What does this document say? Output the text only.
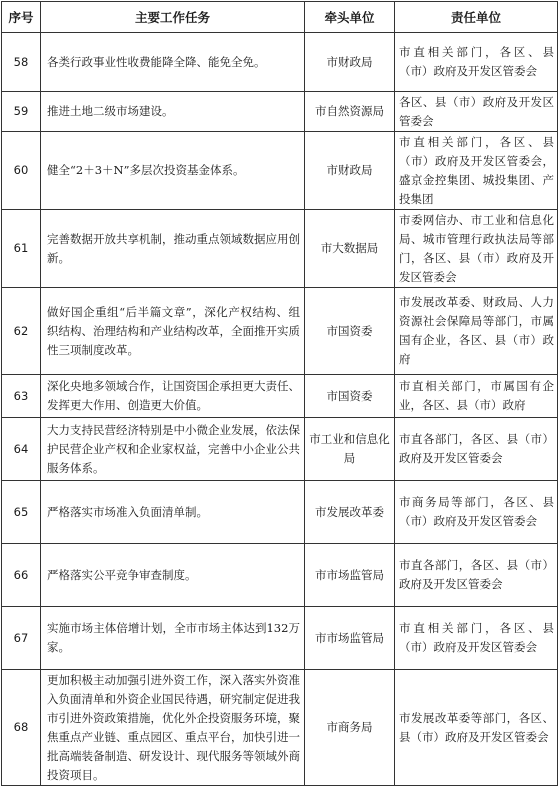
序号	主要工作任务	牵头单位	责任单位
58	各类行政事业性收费能降全降、能免全免。	市财政局	市直相关部门，各区、县（市）政府及开发区管委会
59	推进土地二级市场建设。	市自然资源局	各区、县（市）政府及开发区管委会
60	健全“2＋3＋N”多层次投资基金体系。	市财政局	市直相关部门，各区、县（市）政府及开发区管委会，盛京金控集团、城投集团、产投集团
61	完善数据开放共享机制，推动重点领域数据应用创新。	市大数据局	市委网信办、市工业和信息化局、城市管理行政执法局等部门，各区、县（市）政府及开发区管委会
62	做好国企重组“后半篇文章”，深化产权结构、组织结构、治理结构和产业结构改革，全面推开实质性三项制度改革。	市国资委	市发展改革委、财政局、人力资源社会保障局等部门，市属国有企业，各区、县（市）政府
63	深化央地多领域合作，让国资国企承担更大责任、发挥更大作用、创造更大价值。	市国资委	市直相关部门，市属国有企业，各区、县（市）政府
64	大力支持民营经济特别是中小微企业发展，依法保护民营企业产权和企业家权益，完善中小企业公共服务体系。	市工业和信息化局	市直各部门，各区、县（市）政府及开发区管委会
65	严格落实市场准入负面清单制。	市发展改革委	市商务局等部门，各区、县（市）政府及开发区管委会
66	严格落实公平竞争审查制度。	市市场监管局	市直各部门，各区、县（市）政府及开发区管委会
67	实施市场主体倍增计划，全市市场主体达到132万家。	市市场监管局	市直相关部门，各区、县（市）政府及开发区管委会
68	更加积极主动加强引进外资工作，深入落实外资准入负面清单和外资企业国民待遇，研究制定促进我市引进外资政策措施，优化外企投资服务环境，聚焦重点产业链、重点园区、重点平台，加快引进一批高端装备制造、研发设计、现代服务等领域外商投资项目。	市商务局	市发展改革委等部门，各区、县（市）政府及开发区管委会
